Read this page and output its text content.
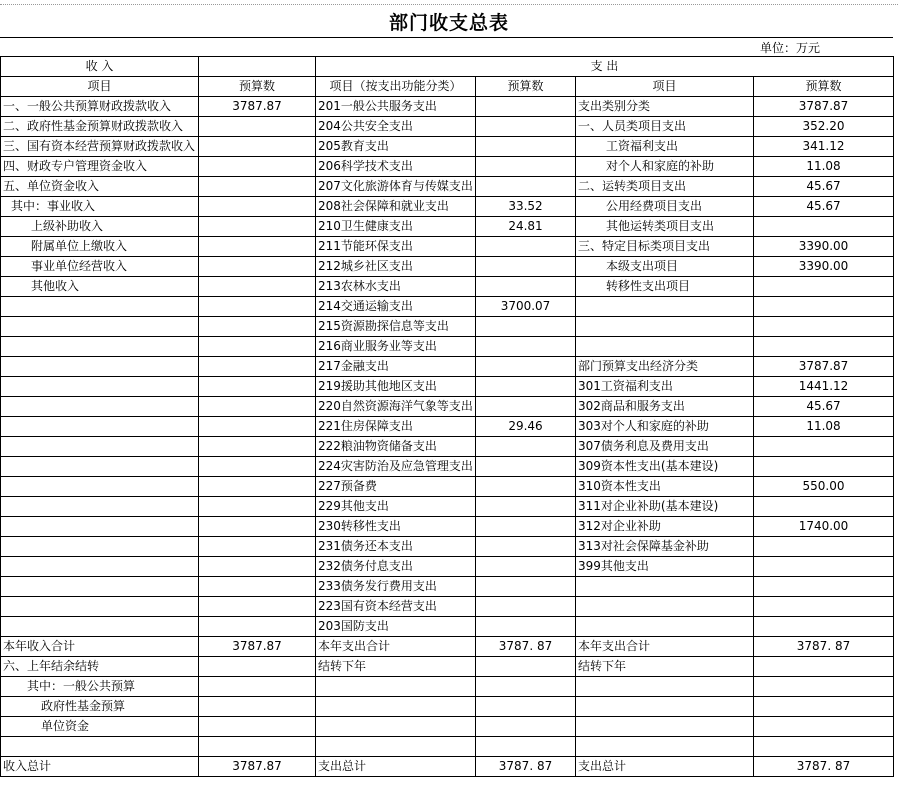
部门收支总表
单位：万元
收 入		支 出			
项目	预算数	项目（按支出功能分类）	预算数	项目	预算数
一、一般公共预算财政拨款收入	3787.87	201一般公共服务支出		支出类别分类	3787.87
二、政府性基金预算财政拨款收入		204公共安全支出		一、人员类项目支出	352.20
三、国有资本经营预算财政拨款收入		205教育支出		工资福利支出	341.12
四、财政专户管理资金收入		206科学技术支出		对个人和家庭的补助	11.08
五、单位资金收入		207文化旅游体育与传媒支出		二、运转类项目支出	45.67
其中：事业收入		208社会保障和就业支出	33.52	公用经费项目支出	45.67
上级补助收入		210卫生健康支出	24.81	其他运转类项目支出	
附属单位上缴收入		211节能环保支出		三、特定目标类项目支出	3390.00
事业单位经营收入		212城乡社区支出		本级支出项目	3390.00
其他收入		213农林水支出		转移性支出项目	
		214交通运输支出	3700.07		
		215资源勘探信息等支出			
		216商业服务业等支出			
		217金融支出		部门预算支出经济分类	3787.87
		219援助其他地区支出		301工资福利支出	1441.12
		220自然资源海洋气象等支出		302商品和服务支出	45.67
		221住房保障支出	29.46	303对个人和家庭的补助	11.08
		222粮油物资储备支出		307债务利息及费用支出	
		224灾害防治及应急管理支出		309资本性支出(基本建设)	
		227预备费		310资本性支出	550.00
		229其他支出		311对企业补助(基本建设)	
		230转移性支出		312对企业补助	1740.00
		231债务还本支出		313对社会保障基金补助	
		232债务付息支出		399其他支出	
		233债务发行费用支出			
		223国有资本经营支出			
		203国防支出			
本年收入合计	3787.87	本年支出合计	3787. 87	本年支出合计	3787. 87
六、上年结余结转		结转下年		结转下年	
其中：一般公共预算					
政府性基金预算					
单位资金					

收入总计	3787.87	支出总计	3787. 87	支出总计	3787. 87
